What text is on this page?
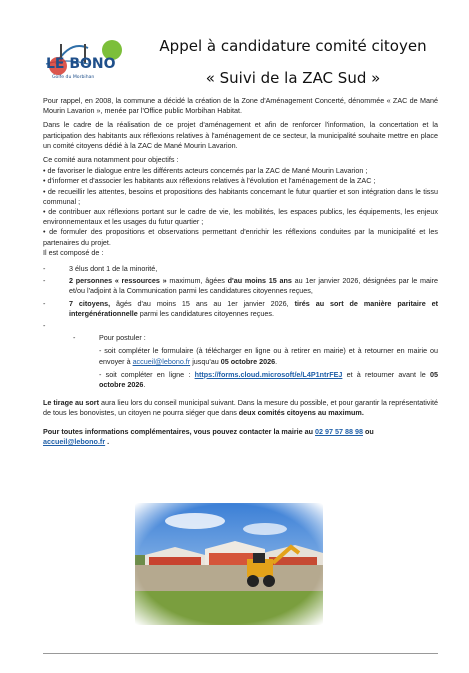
LE BONO
Golfe du Morbihan
Appel à candidature comité citoyen
« Suivi de la ZAC Sud »

Pour rappel, en 2008, la commune a décidé la création de la Zone d'Aménagement Concerté, dénommée « ZAC de Mané Mourin Lavarion », menée par l'Office public Morbihan Habitat.

Dans le cadre de la réalisation de ce projet d'aménagement et afin de renforcer l'information, la concertation et la participation des habitants aux réflexions relatives à l'aménagement de ce secteur, la municipalité souhaite mettre en place un comité citoyens dédié à la ZAC de Mané Mourin Lavarion.

Ce comité aura notamment pour objectifs :

• de favoriser le dialogue entre les différents acteurs concernés par la ZAC de Mané Mourin Lavarion ;

• d'informer et d'associer les habitants aux réflexions relatives à l'évolution et l'aménagement de la ZAC ;

• de recueillir les attentes, besoins et propositions des habitants concernant le futur quartier et son intégration dans le tissu communal ;

• de contribuer aux réflexions portant sur le cadre de vie, les mobilités, les espaces publics, les équipements, les enjeux environnementaux et les usages du futur quartier ;

• de formuler des propositions et observations permettant d'enrichir les réflexions conduites par la municipalité et les partenaires du projet.

Il est composé de :

-	3 élus dont 1 de la minorité,
-	2 personnes « ressources » maximum, âgées d'au moins 15 ans au 1er janvier 2026, désignées par le maire et/ou l'adjoint à la Communication parmi les candidatures citoyennes reçues,
-	7 citoyens, âgés d'au moins 15 ans au 1er janvier 2026, tirés au sort de manière paritaire et intergénérationnelle parmi les candidatures citoyennes reçues.
-
-	Pour postuler :
- soit compléter le formulaire (à télécharger en ligne ou à retirer en mairie) et à retourner en mairie ou envoyer à accueil@lebono.fr jusqu'au 05 octobre 2026.
- soit compléter en ligne : https://forms.cloud.microsoft/e/L4P1ntrFEJ et à retourner avant le 05 octobre 2026.

Le tirage au sort aura lieu lors du conseil municipal suivant. Dans la mesure du possible, et pour garantir la représentativité de tous les bonovistes, un citoyen ne pourra siéger que dans deux comités citoyens au maximum.

Pour toutes informations complémentaires, vous pouvez contacter la mairie au 02 97 57 88 98 ou
accueil@lebono.fr .
